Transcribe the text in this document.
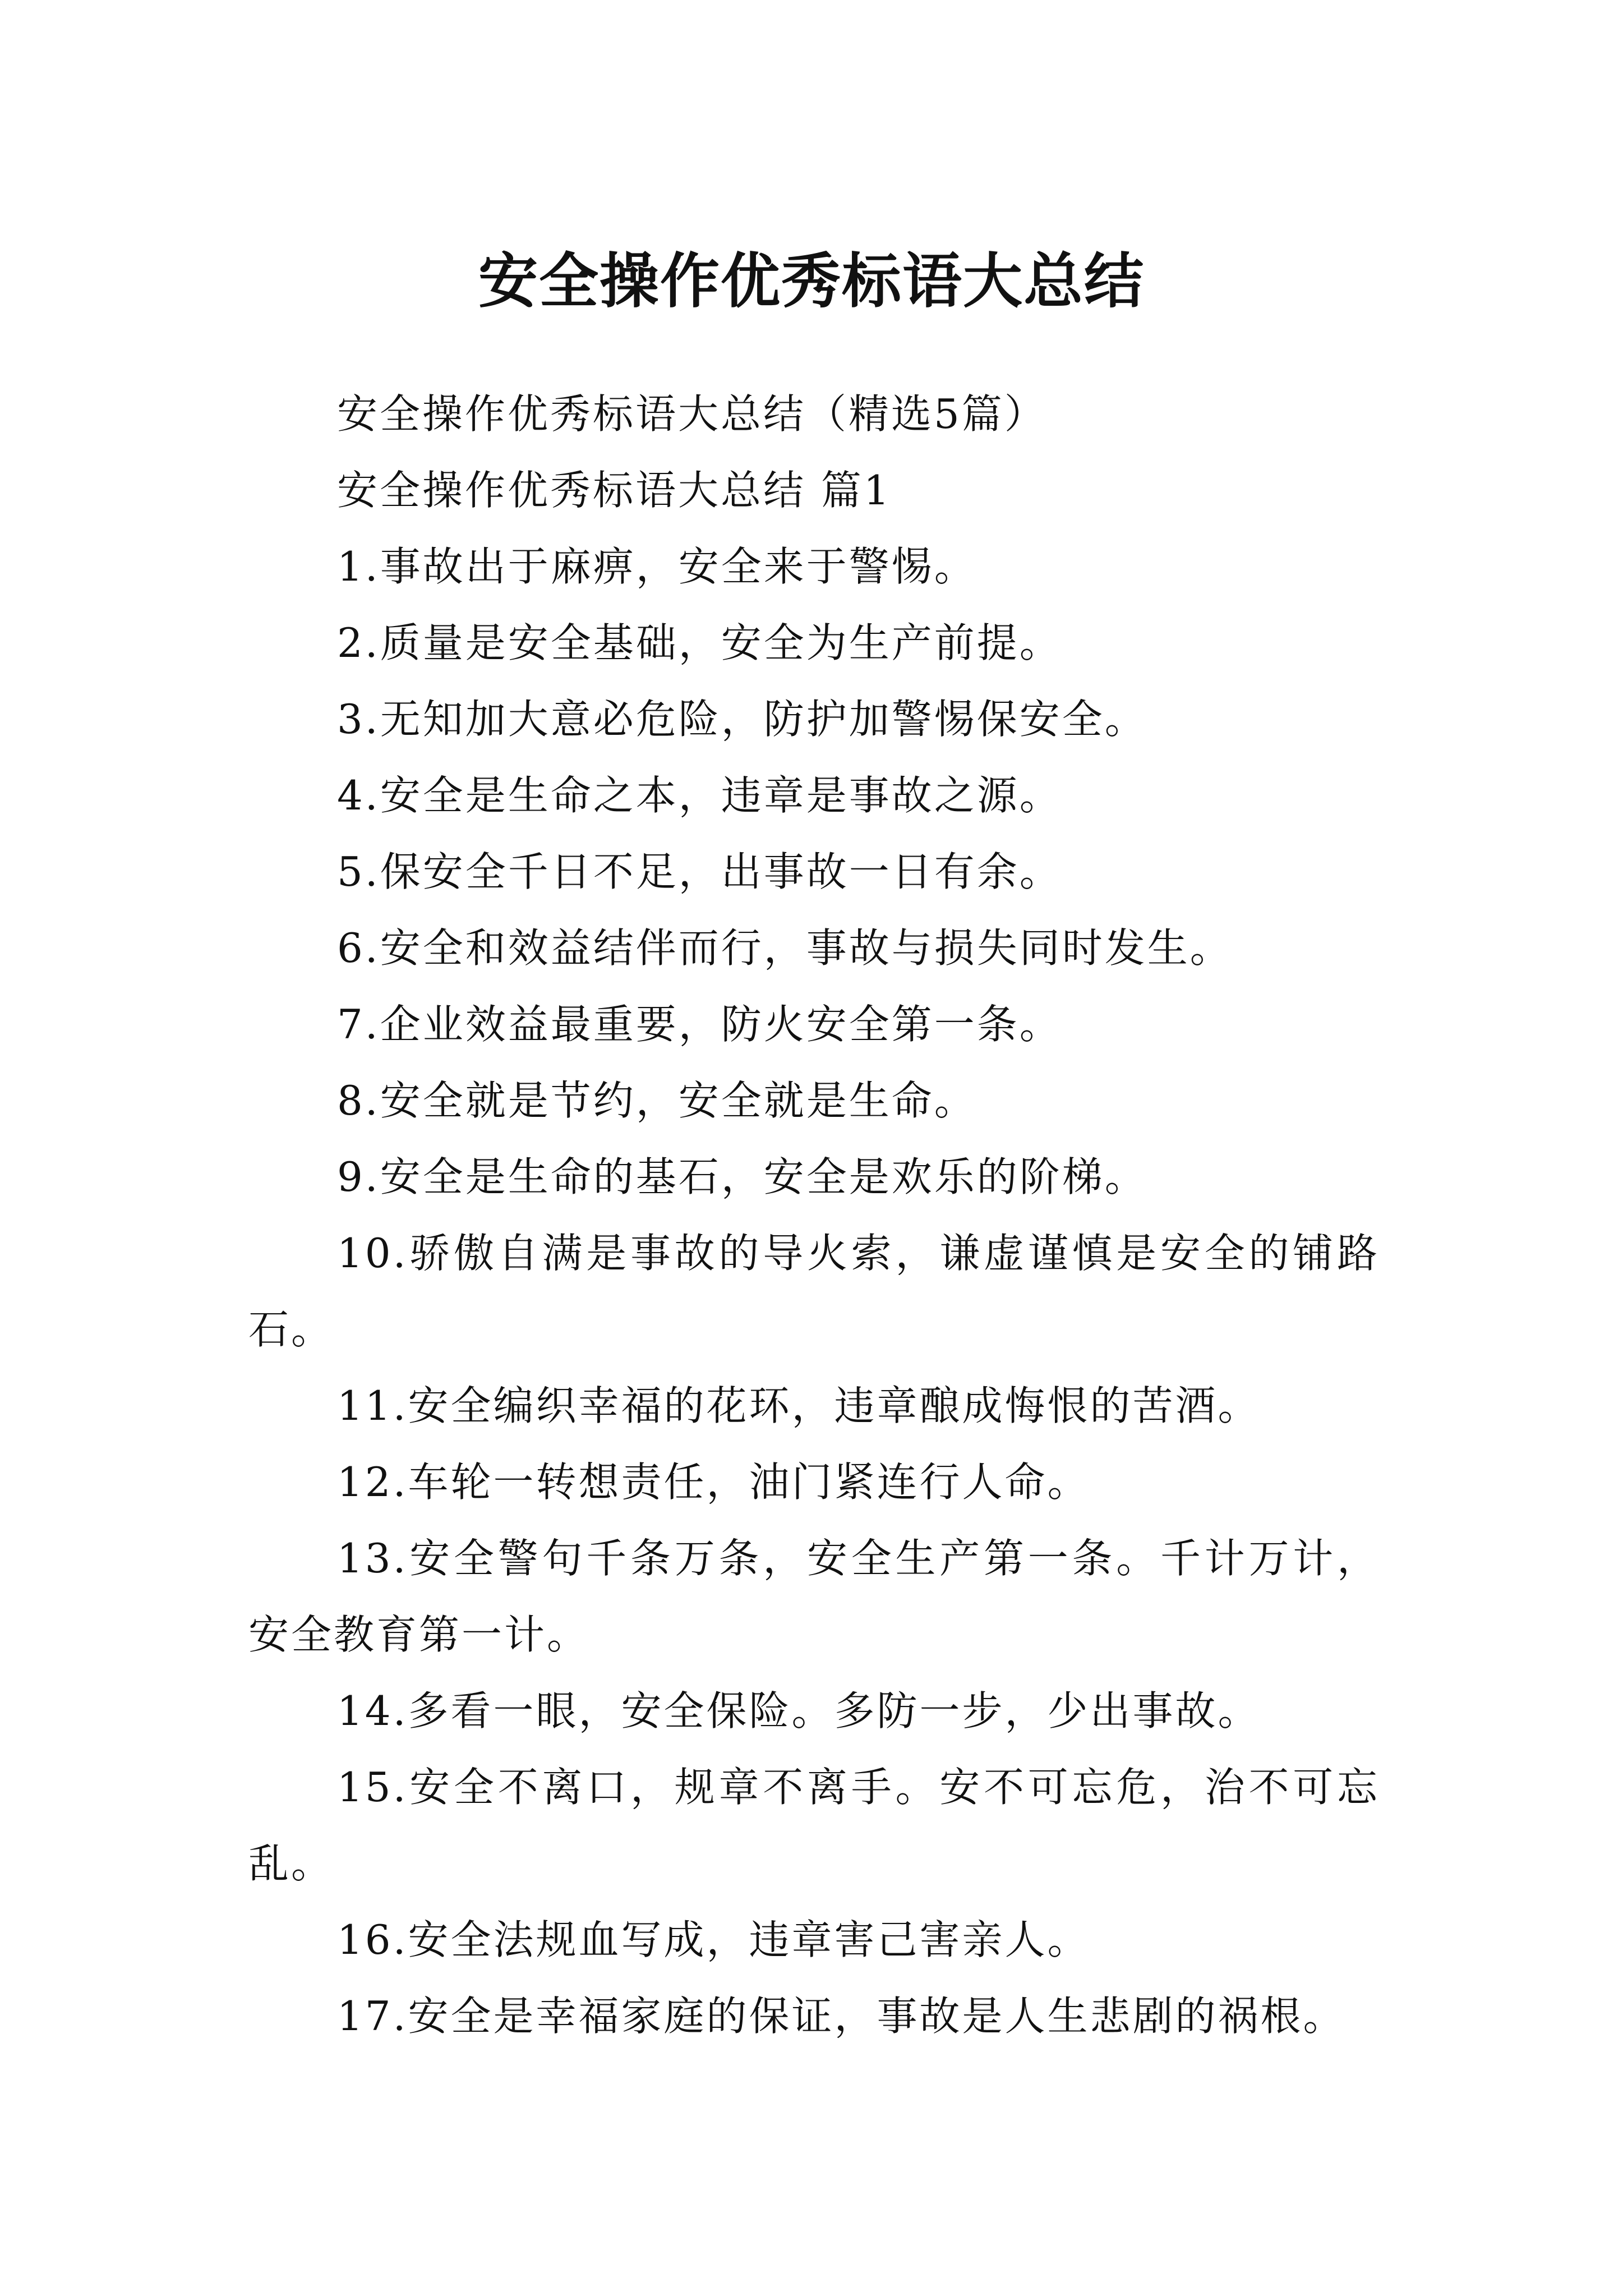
安全操作优秀标语大总结

安全操作优秀标语大总结（精选5篇）

安全操作优秀标语大总结 篇1

1.事故出于麻痹，安全来于警惕。

2.质量是安全基础，安全为生产前提。

3.无知加大意必危险，防护加警惕保安全。

4.安全是生命之本，违章是事故之源。

5.保安全千日不足，出事故一日有余。

6.安全和效益结伴而行，事故与损失同时发生。

7.企业效益最重要，防火安全第一条。

8.安全就是节约，安全就是生命。

9.安全是生命的基石，安全是欢乐的阶梯。

10.骄傲自满是事故的导火索，谦虚谨慎是安全的铺路石。

11.安全编织幸福的花环，违章酿成悔恨的苦酒。

12.车轮一转想责任，油门紧连行人命。

13.安全警句千条万条，安全生产第一条。千计万计，安全教育第一计。

14.多看一眼，安全保险。多防一步，少出事故。

15.安全不离口，规章不离手。安不可忘危，治不可忘乱。

16.安全法规血写成，违章害己害亲人。

17.安全是幸福家庭的保证，事故是人生悲剧的祸根。
